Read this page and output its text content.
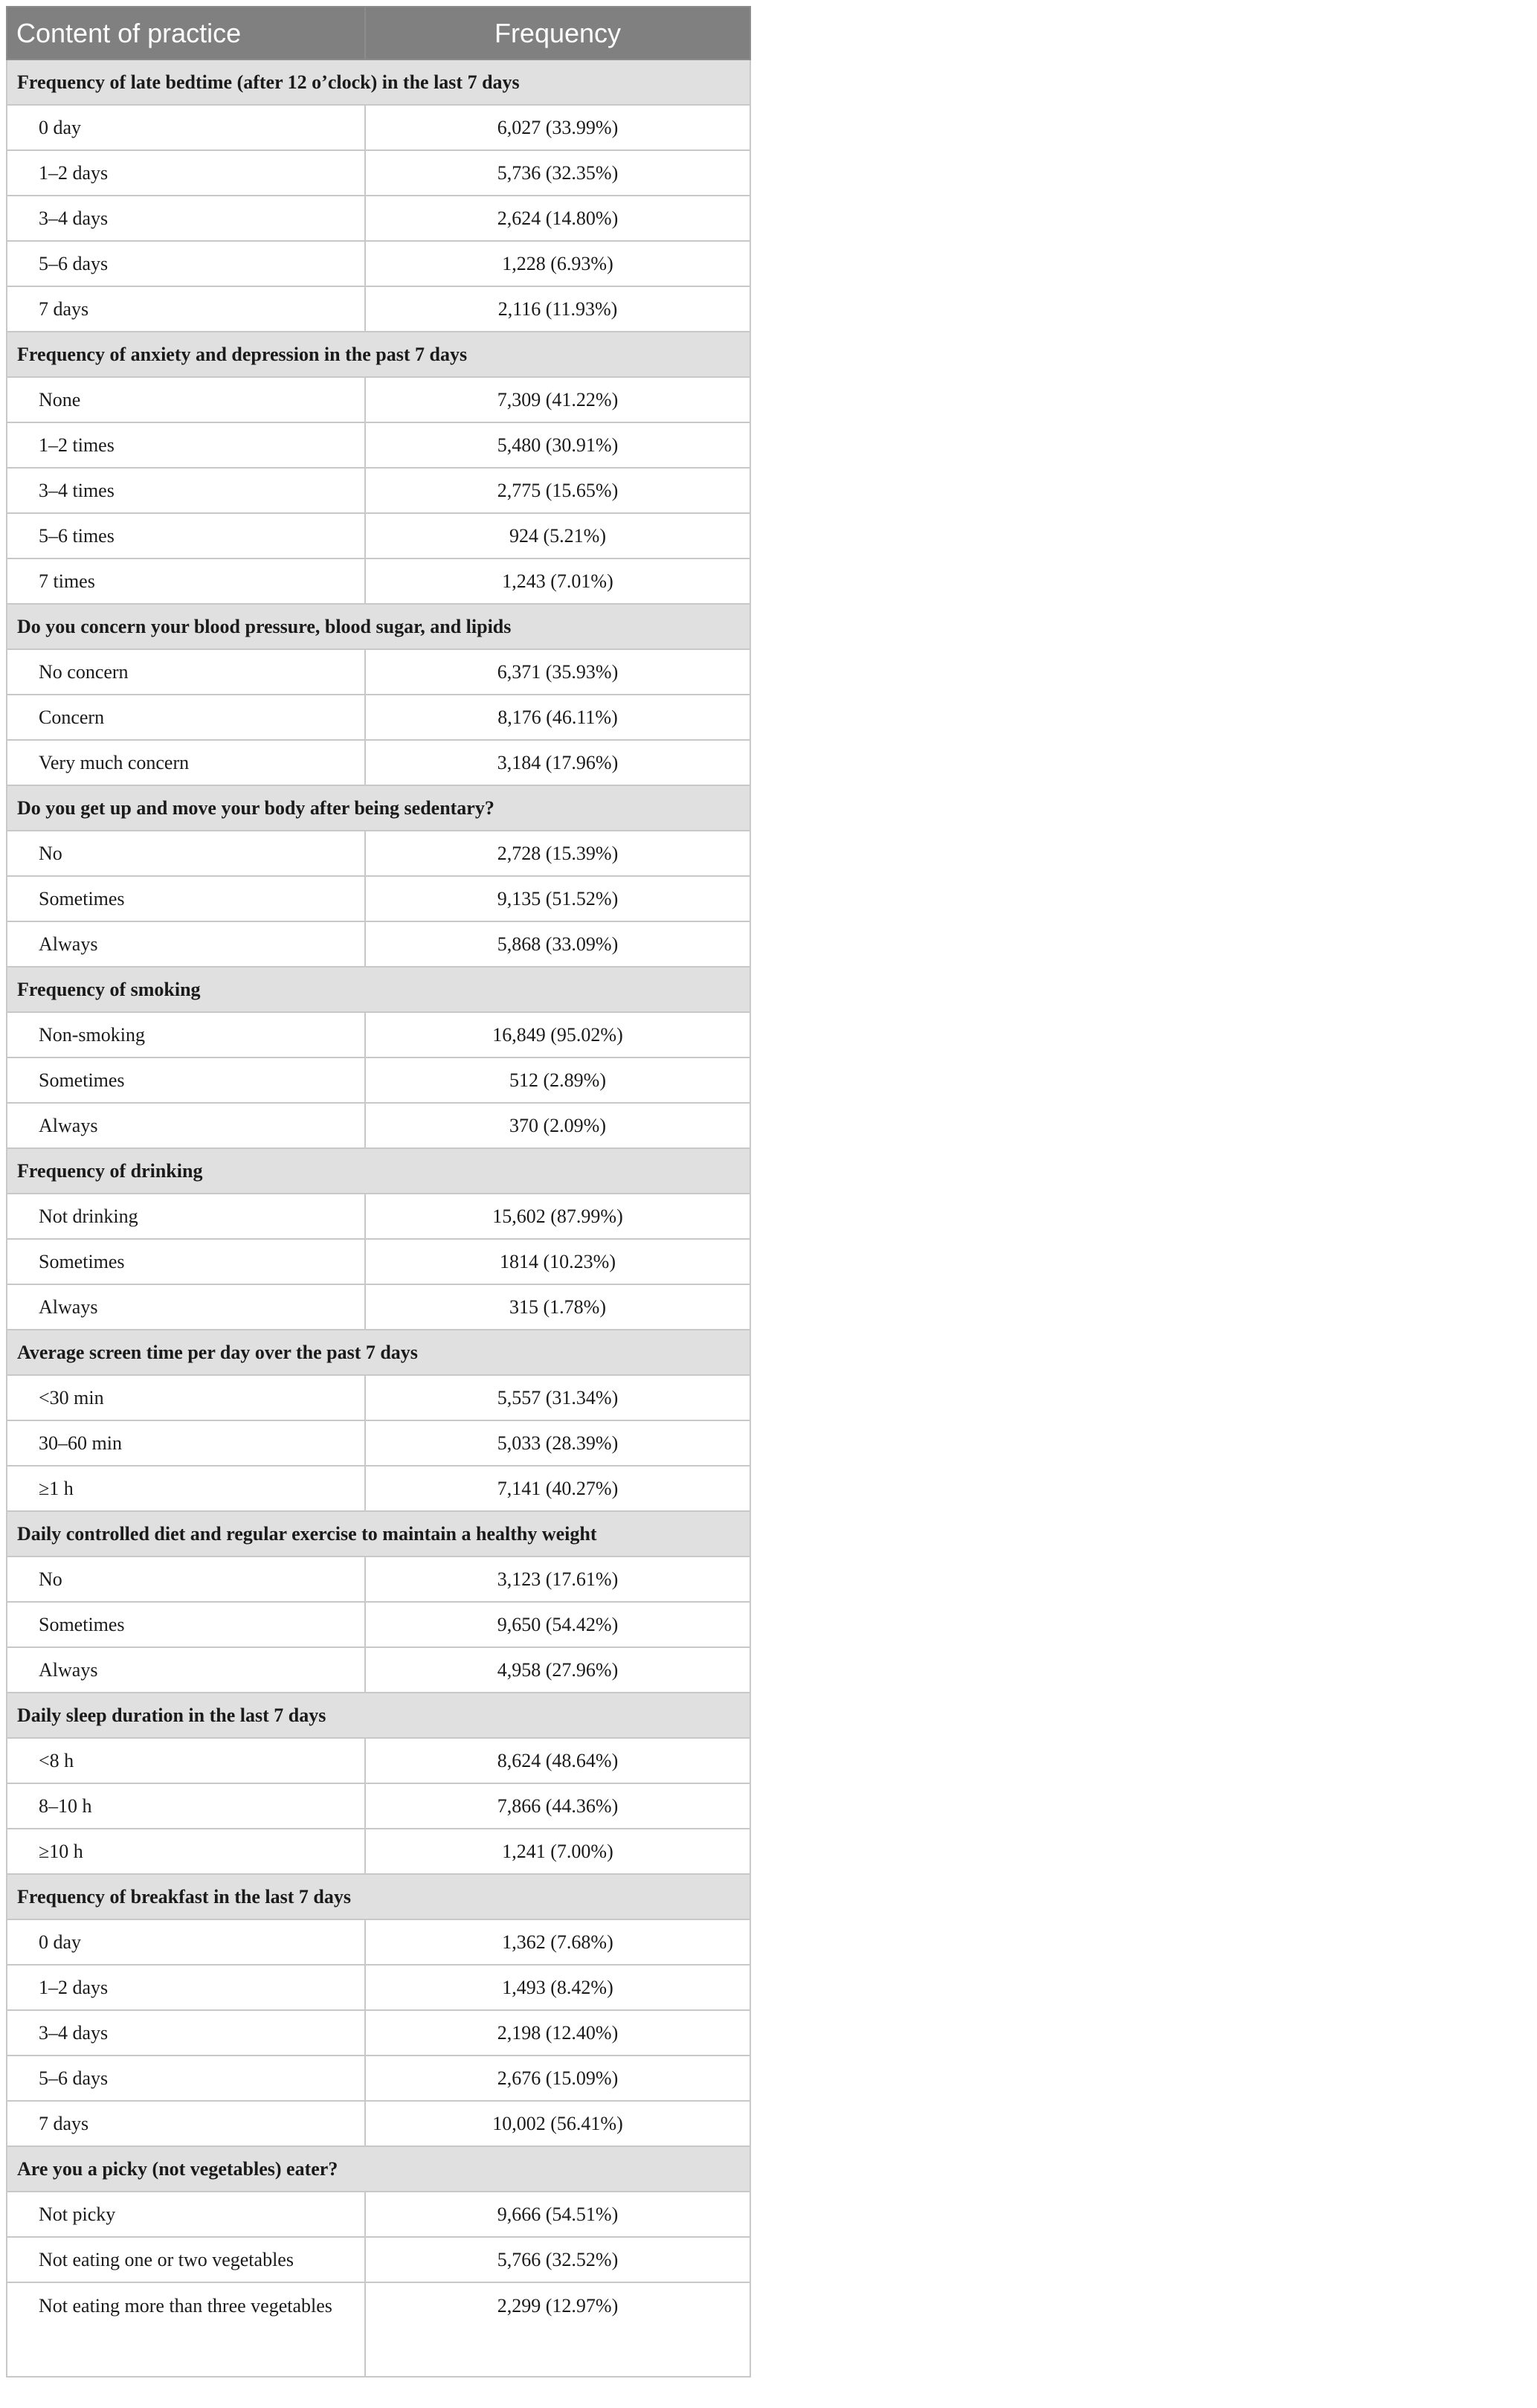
Content of practice	Frequency
Frequency of late bedtime (after 12 o’clock) in the last 7 days	
0 day	6,027 (33.99%)
1–2 days	5,736 (32.35%)
3–4 days	2,624 (14.80%)
5–6 days	1,228 (6.93%)
7 days	2,116 (11.93%)
Frequency of anxiety and depression in the past 7 days	
None	7,309 (41.22%)
1–2 times	5,480 (30.91%)
3–4 times	2,775 (15.65%)
5–6 times	924 (5.21%)
7 times	1,243 (7.01%)
Do you concern your blood pressure, blood sugar, and lipids	
No concern	6,371 (35.93%)
Concern	8,176 (46.11%)
Very much concern	3,184 (17.96%)
Do you get up and move your body after being sedentary?	
No	2,728 (15.39%)
Sometimes	9,135 (51.52%)
Always	5,868 (33.09%)
Frequency of smoking	
Non-smoking	16,849 (95.02%)
Sometimes	512 (2.89%)
Always	370 (2.09%)
Frequency of drinking	
Not drinking	15,602 (87.99%)
Sometimes	1814 (10.23%)
Always	315 (1.78%)
Average screen time per day over the past 7 days	
<30 min	5,557 (31.34%)
30–60 min	5,033 (28.39%)
≥1 h	7,141 (40.27%)
Daily controlled diet and regular exercise to maintain a healthy weight	
No	3,123 (17.61%)
Sometimes	9,650 (54.42%)
Always	4,958 (27.96%)
Daily sleep duration in the last 7 days	
<8 h	8,624 (48.64%)
8–10 h	7,866 (44.36%)
≥10 h	1,241 (7.00%)
Frequency of breakfast in the last 7 days	
0 day	1,362 (7.68%)
1–2 days	1,493 (8.42%)
3–4 days	2,198 (12.40%)
5–6 days	2,676 (15.09%)
7 days	10,002 (56.41%)
Are you a picky (not vegetables) eater?	
Not picky	9,666 (54.51%)
Not eating one or two vegetables	5,766 (32.52%)
Not eating more than three vegetables	2,299 (12.97%)
